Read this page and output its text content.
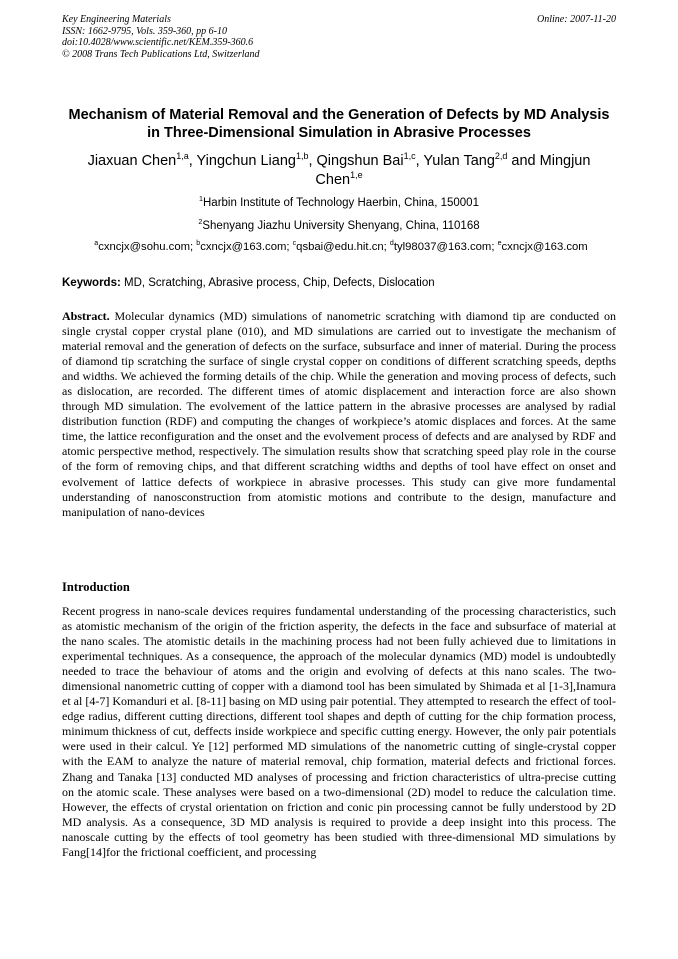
Key Engineering Materials
ISSN: 1662-9795, Vols. 359-360, pp 6-10
doi:10.4028/www.scientific.net/KEM.359-360.6
© 2008 Trans Tech Publications Ltd, Switzerland
Online: 2007-11-20
Mechanism of Material Removal and the Generation of Defects by MD Analysis in Three-Dimensional Simulation in Abrasive Processes
Jiaxuan Chen$^{1,a}$, Yingchun Liang$^{1,b}$, Qingshun Bai$^{1,c}$, Yulan Tang$^{2,d}$ and Mingjun Chen$^{1,e}$
$^1$Harbin Institute of Technology Haerbin, China, 150001
$^2$Shenyang Jiazhu University Shenyang, China, 110168
$^a$cxncjx@sohu.com; $^b$cxncjx@163.com; $^c$qsbai@edu.hit.cn; $^d$tyl98037@163.com; $^e$cxncjx@163.com
Keywords: MD, Scratching, Abrasive process, Chip, Defects, Dislocation
Abstract. Molecular dynamics (MD) simulations of nanometric scratching with diamond tip are conducted on single crystal copper crystal plane (010), and MD simulations are carried out to investigate the mechanism of material removal and the generation of defects on the surface, subsurface and inner of material. During the process of diamond tip scratching the surface of single crystal copper on conditions of different scratching speeds, depths and widths. We achieved the forming details of the chip. While the generation and moving process of defects, such as dislocation, are recorded. The different times of atomic displacement and interaction force are also shown through MD simulation. The evolvement of the lattice pattern in the abrasive processes are analysed by radial distribution function (RDF) and computing the changes of workpiece’s atomic displaces and forces. At the same time, the lattice reconfiguration and the onset and the evolvement process of defects and are analysed by RDF and atomic perspective method, respectively. The simulation results show that scratching speed play role in the course of the form of removing chips, and that different scratching widths and depths of tool have effect on onset and evolvement of lattice defects of workpiece in abrasive processes. This study can give more fundamental understanding of nanosconstruction from atomistic motions and contribute to the design, manufacture and manipulation of nano-devices
Introduction
Recent progress in nano-scale devices requires fundamental understanding of the processing characteristics, such as atomistic mechanism of the origin of the friction asperity, the defects in the face and subsurface of material at the nano scales. The atomistic details in the machining process had not been fully achieved due to limitations in experimental techniques. As a consequence, the approach of the molecular dynamics (MD) model is undoubtedly needed to trace the behaviour of atoms and the origin and evolving of defects at this nano scales. The two-dimensional nanometric cutting of copper with a diamond tool has been simulated by Shimada et al [1-3],Inamura et al [4-7] Komanduri et al. [8-11] basing on MD using pair potential. They attempted to research the effect of tool-edge radius, different cutting directions, different tool shapes and depth of cutting for the chip formation process, minimum thickness of cut, deffects inside workpiece and specific cutting energy. However, the only pair potentials were used in their calcul. Ye [12] performed MD simulations of the nanometric cutting of single-crystal copper with the EAM to analyze the nature of material removal, chip formation, material defects and frictional forces. Zhang and Tanaka [13] conducted MD analyses of processing and friction characteristics of ultra-precise cutting on the atomic scale. These analyses were based on a two-dimensional (2D) model to reduce the calculation time. However, the effects of crystal orientation on friction and conic pin processing cannot be fully understood by 2D MD analysis. As a consequence, 3D MD analysis is required to provide a deep insight into this process. The nanoscale cutting by the effects of tool geometry has been studied with three-dimensional MD simulations by Fang[14]for the frictional coefficient, and processing
